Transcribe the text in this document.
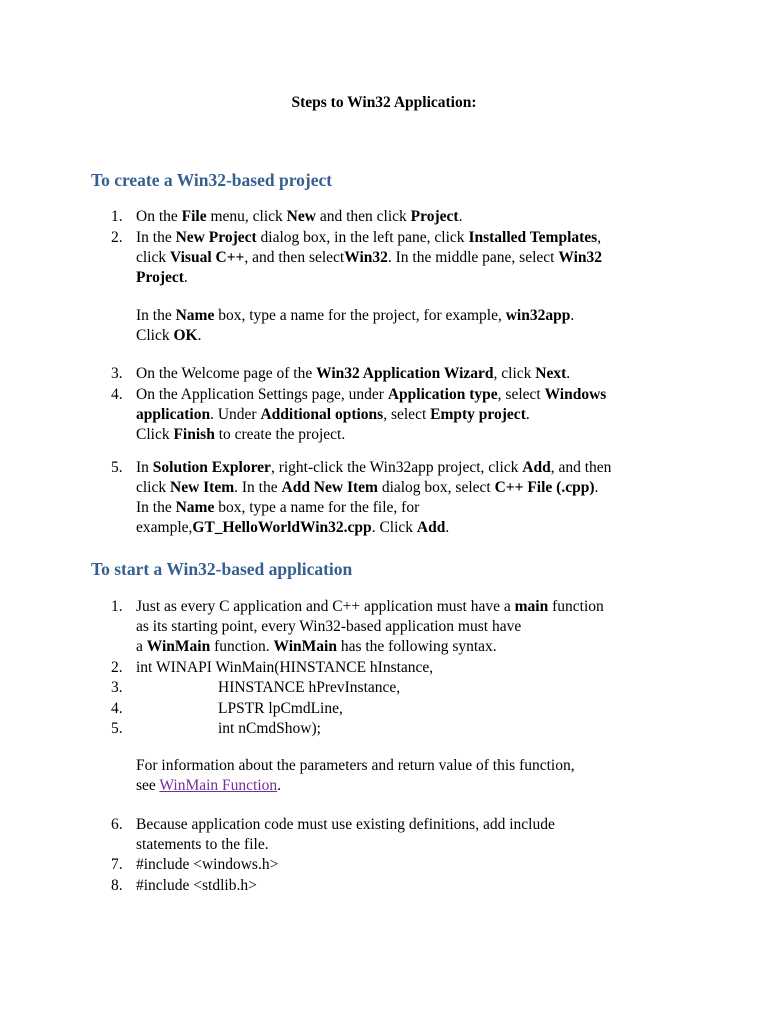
Steps to Win32 Application:
To create a Win32-based project
1. On the File menu, click New and then click Project.
2. In the New Project dialog box, in the left pane, click Installed Templates,
click Visual C++, and then selectWin32. In the middle pane, select Win32
Project.
In the Name box, type a name for the project, for example, win32app.
Click OK.
3. On the Welcome page of the Win32 Application Wizard, click Next.
4. On the Application Settings page, under Application type, select Windows
application. Under Additional options, select Empty project.
Click Finish to create the project.
5. In Solution Explorer, right-click the Win32app project, click Add, and then
click New Item. In the Add New Item dialog box, select C++ File (.cpp).
In the Name box, type a name for the file, for
example,GT_HelloWorldWin32.cpp. Click Add.
To start a Win32-based application
1. Just as every C application and C++ application must have a main function
as its starting point, every Win32-based application must have
a WinMain function. WinMain has the following syntax.
2. int WINAPI WinMain(HINSTANCE hInstance,
3.	HINSTANCE hPrevInstance,
4.	LPSTR lpCmdLine,
5.	int nCmdShow);
For information about the parameters and return value of this function,
see WinMain Function.
6. Because application code must use existing definitions, add include
statements to the file.
7. #include <windows.h>
8. #include <stdlib.h>
